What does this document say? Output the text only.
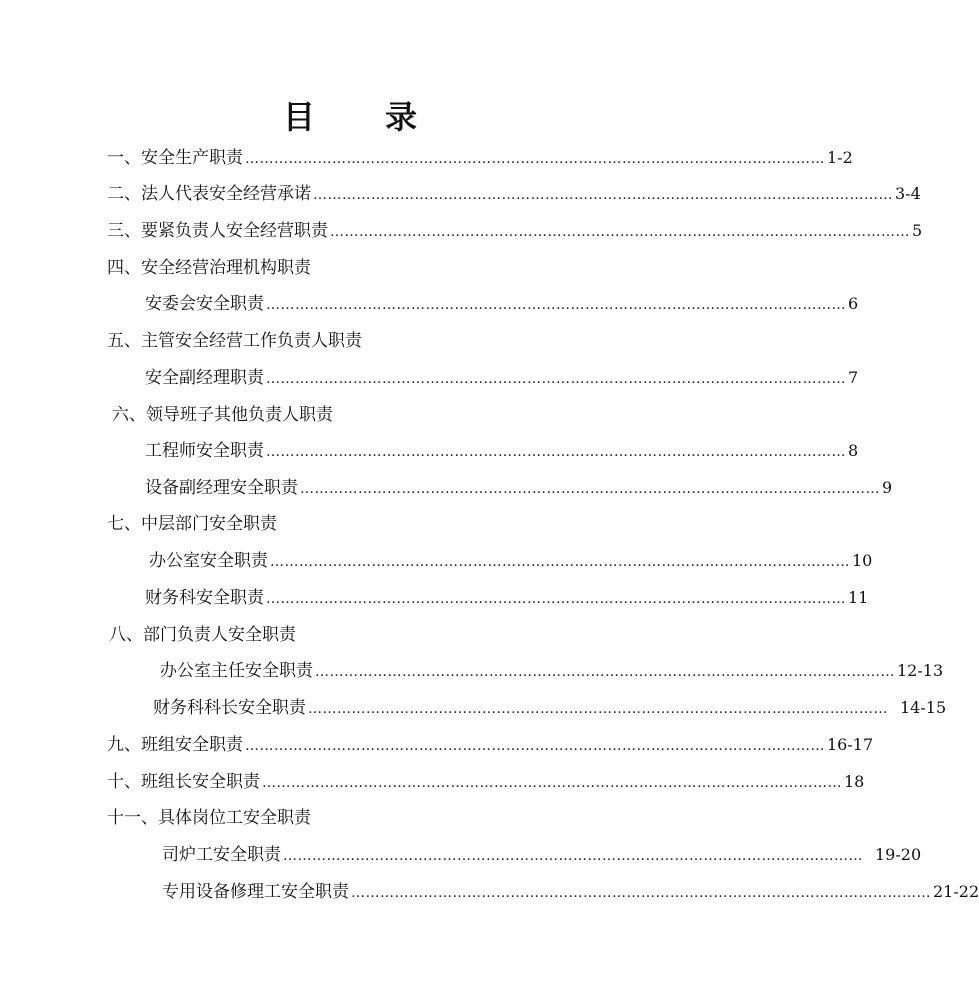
目 录
一、安全生产职责 ………………………………………………………………………………………………………… 1-2
二、法人代表安全经营承诺 ………………………………………………………………………………………………………… 3-4
三、要紧负责人安全经营职责 ………………………………………………………………………………………………………… 5
四、安全经营治理机构职责
安委会安全职责 ………………………………………………………………………………………………………… 6
五、主管安全经营工作负责人职责
安全副经理职责 ………………………………………………………………………………………………………… 7
六、领导班子其他负责人职责
工程师安全职责 ………………………………………………………………………………………………………… 8
设备副经理安全职责 ………………………………………………………………………………………………………… 9
七、中层部门安全职责
办公室安全职责 ………………………………………………………………………………………………………… 10
财务科安全职责 ………………………………………………………………………………………………………… 11
八、部门负责人安全职责
办公室主任安全职责 ………………………………………………………………………………………………………… 12-13
财务科科长安全职责 ………………………………………………………………………………………………………… 14-15
九、班组安全职责 ………………………………………………………………………………………………………… 16-17
十、班组长安全职责 ………………………………………………………………………………………………………… 18
十一、具体岗位工安全职责
司炉工安全职责 ………………………………………………………………………………………………………… 19-20
专用设备修理工安全职责 ………………………………………………………………………………………………………… 21-22
